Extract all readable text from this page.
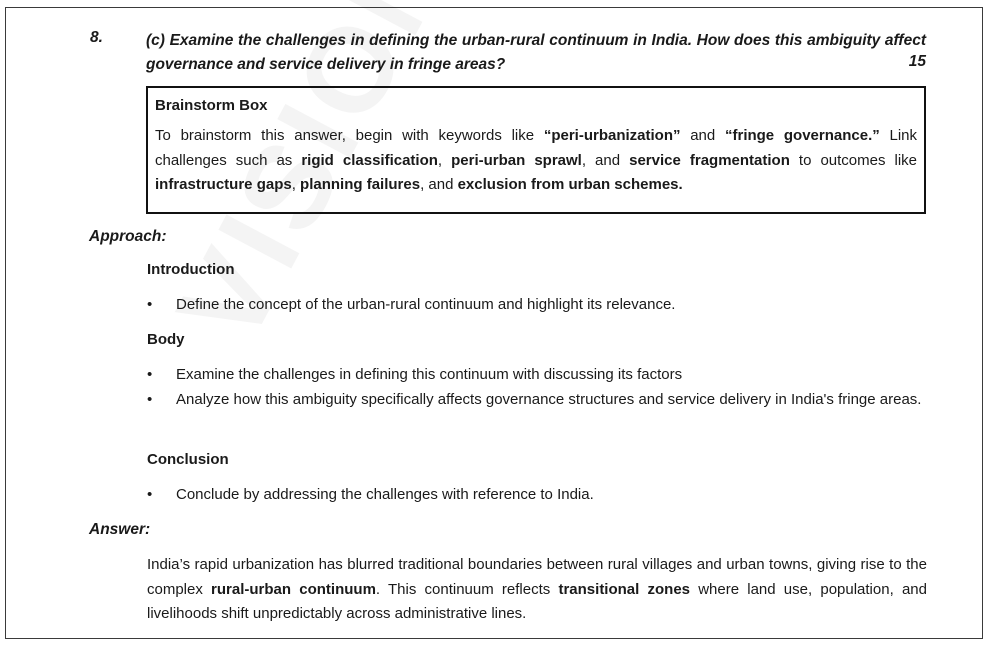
8.	(c) Examine the challenges in defining the urban-rural continuum in India. How does this ambiguity affect governance and service delivery in fringe areas?	15
Brainstorm Box
To brainstorm this answer, begin with keywords like “peri-urbanization” and “fringe governance.” Link challenges such as rigid classification, peri-urban sprawl, and service fragmentation to outcomes like infrastructure gaps, planning failures, and exclusion from urban schemes.
Approach:
Introduction
• Define the concept of the urban-rural continuum and highlight its relevance.
Body
• Examine the challenges in defining this continuum with discussing its factors
• Analyze how this ambiguity specifically affects governance structures and service delivery in India's fringe areas.
Conclusion
• Conclude by addressing the challenges with reference to India.
Answer:
India’s rapid urbanization has blurred traditional boundaries between rural villages and urban towns, giving rise to the complex rural-urban continuum. This continuum reflects transitional zones where land use, population, and livelihoods shift unpredictably across administrative lines.
